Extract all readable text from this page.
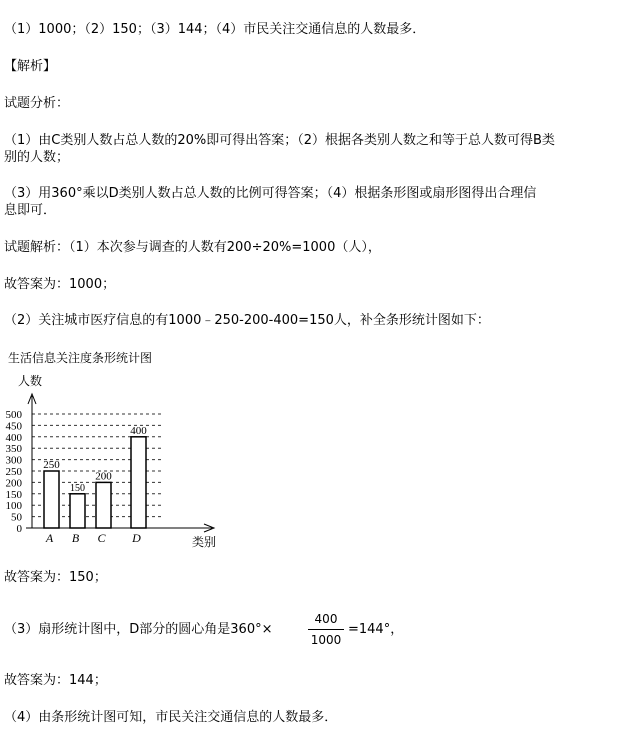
（1）1000；（2）150；（3）144；（4）市民关注交通信息的人数最多．
【解析】
试题分析：
（1）由C类别人数占总人数的20%即可得出答案；（2）根据各类别人数之和等于总人数可得B类
别的人数；
（3）用360°乘以D类别人数占总人数的比例可得答案；（4）根据条形图或扇形图得出合理信
息即可．
试题解析：（1）本次参与调查的人数有200÷20%=1000（人），
故答案为：1000；
（2）关注城市医疗信息的有1000﹣250-200-400=150人，补全条形统计图如下：
生活信息关注度条形统计图
0
50
100
150
200
250
300
350
400
450
500
人数
类别
250
A
150
B
200
C
400
D
故答案为：150；
（3）扇形统计图中，D部分的圆心角是360°×
400
1000
=144°，
故答案为：144；
（4）由条形统计图可知，市民关注交通信息的人数最多．
